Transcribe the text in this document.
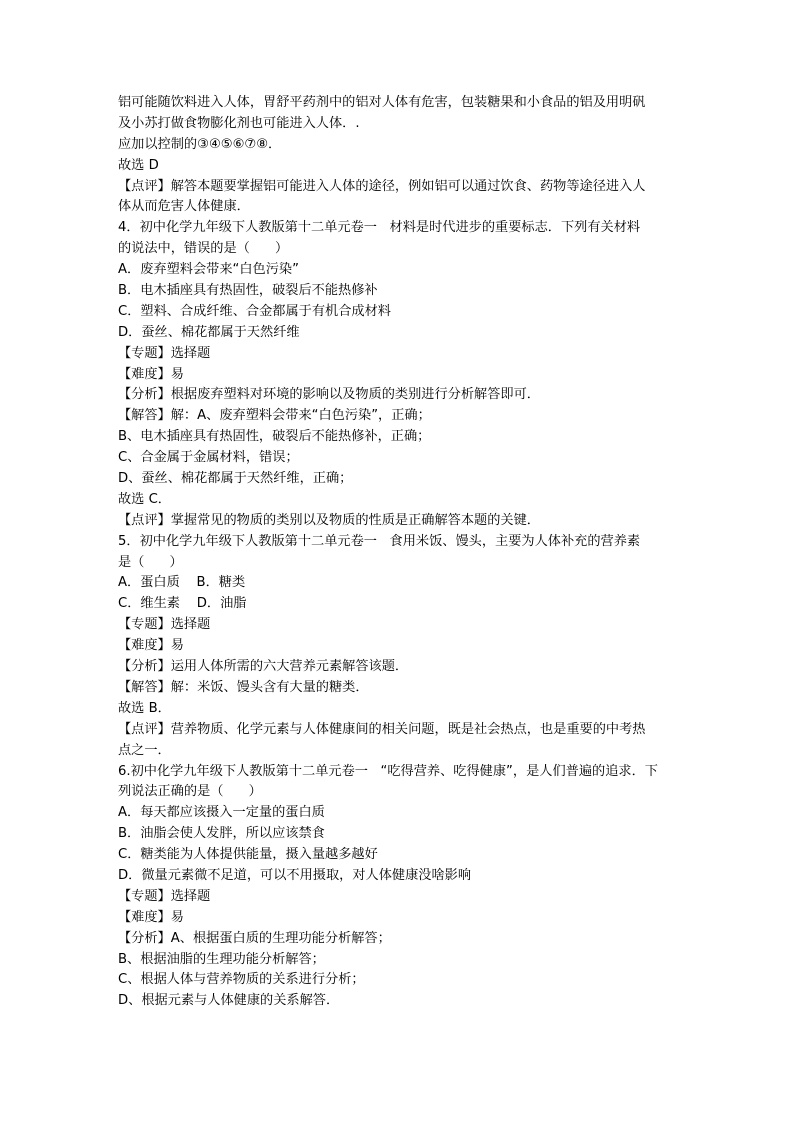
铝可能随饮料进入人体，胃舒平药剂中的铝对人体有危害，包装糖果和小食品的铝及用明矾
及小苏打做食物膨化剂也可能进入人体．.
应加以控制的③④⑤⑥⑦⑧．
故选 D
【点评】解答本题要掌握铝可能进入人体的途径，例如铝可以通过饮食、药物等途径进入人
体从而危害人体健康．
4．初中化学九年级下人教版第十二单元卷一   材料是时代进步的重要标志．下列有关材料
的说法中，错误的是（      ）
A．废弃塑料会带来“白色污染”
B．电木插座具有热固性，破裂后不能热修补
C．塑料、合成纤维、合金都属于有机合成材料
D．蚕丝、棉花都属于天然纤维
【专题】选择题
【难度】易
【分析】根据废弃塑料对环境的影响以及物质的类别进行分析解答即可．
【解答】解：A、废弃塑料会带来“白色污染”，正确；
B、电木插座具有热固性，破裂后不能热修补，正确；
C、合金属于金属材料，错误；
D、蚕丝、棉花都属于天然纤维，正确；
故选 C．
【点评】掌握常见的物质的类别以及物质的性质是正确解答本题的关键．
5．初中化学九年级下人教版第十二单元卷一   食用米饭、馒头，主要为人体补充的营养素
是（      ）
A．蛋白质    B．糖类
C．维生素    D．油脂
【专题】选择题
【难度】易
【分析】运用人体所需的六大营养元素解答该题．
【解答】解：米饭、馒头含有大量的糖类．
故选 B．
【点评】营养物质、化学元素与人体健康间的相关问题，既是社会热点，也是重要的中考热
点之一．
6.初中化学九年级下人教版第十二单元卷一   “吃得营养、吃得健康”，是人们普遍的追求．下
列说法正确的是（      ）
A．每天都应该摄入一定量的蛋白质
B．油脂会使人发胖，所以应该禁食
C．糖类能为人体提供能量，摄入量越多越好
D．微量元素微不足道，可以不用摄取，对人体健康没啥影响
【专题】选择题
【难度】易
【分析】A、根据蛋白质的生理功能分析解答；
B、根据油脂的生理功能分析解答；
C、根据人体与营养物质的关系进行分析；
D、根据元素与人体健康的关系解答．
